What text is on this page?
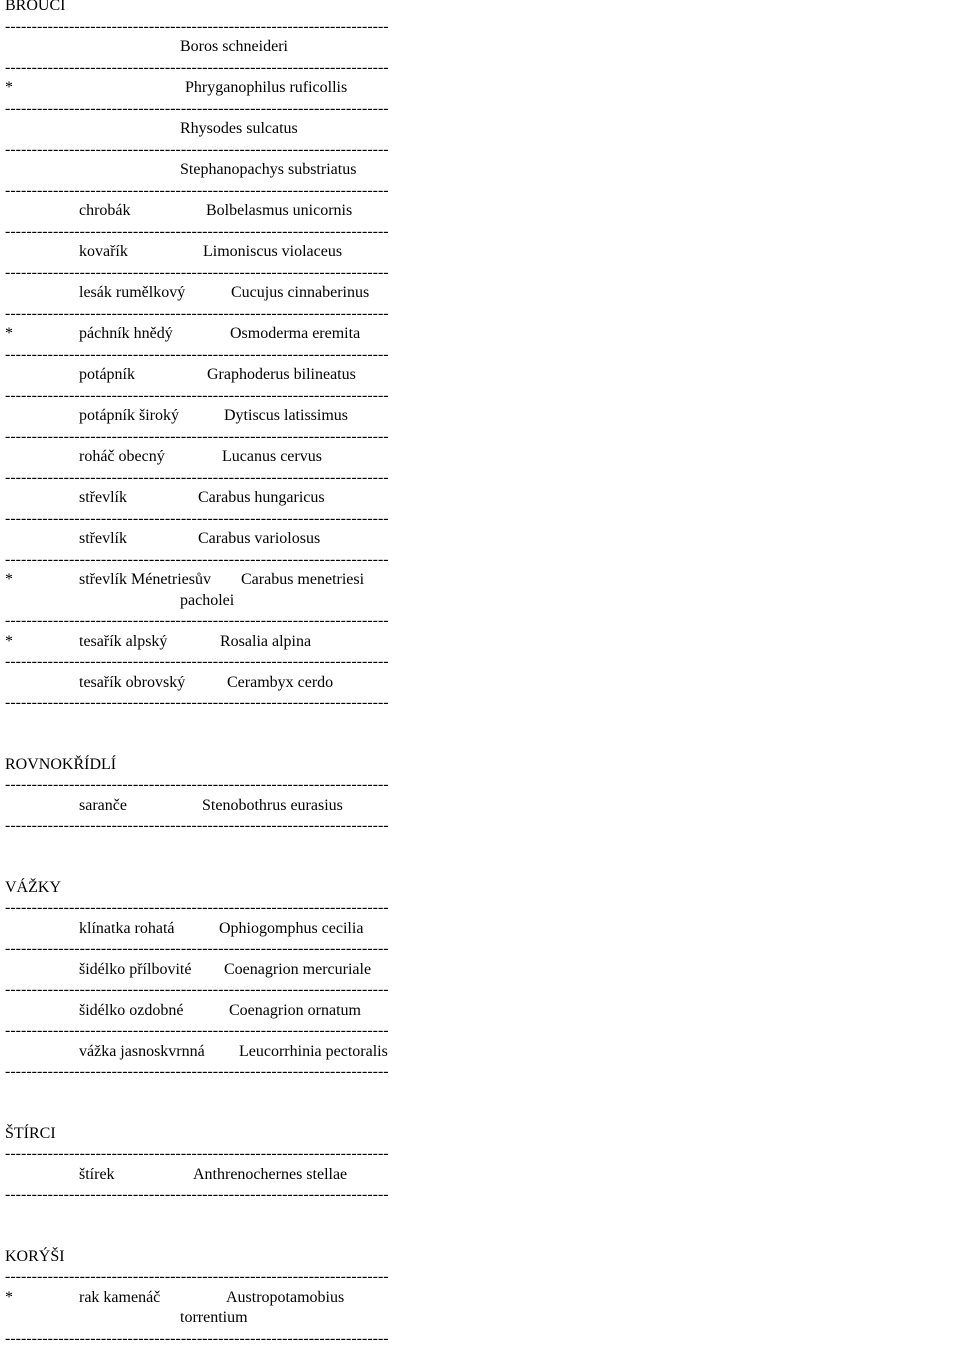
BROUCI
------------------------------------------------------------------------
Boros schneideri
------------------------------------------------------------------------
*	Phryganophilus ruficollis
------------------------------------------------------------------------
Rhysodes sulcatus
------------------------------------------------------------------------
Stephanopachys substriatus
------------------------------------------------------------------------
chrobák	Bolbelasmus unicornis
------------------------------------------------------------------------
kovařík	Limoniscus violaceus
------------------------------------------------------------------------
lesák rumělkový	Cucujus cinnaberinus
------------------------------------------------------------------------
*	páchník hnědý	Osmoderma eremita
------------------------------------------------------------------------
potápník	Graphoderus bilineatus
------------------------------------------------------------------------
potápník široký	Dytiscus latissimus
------------------------------------------------------------------------
roháč obecný	Lucanus cervus
------------------------------------------------------------------------
střevlík	Carabus hungaricus
------------------------------------------------------------------------
střevlík	Carabus variolosus
------------------------------------------------------------------------
*	střevlík Ménetriesův Carabus menetriesi
pacholei
------------------------------------------------------------------------
*	tesařík alpský	Rosalia alpina
------------------------------------------------------------------------
tesařík obrovský	Cerambyx cerdo
------------------------------------------------------------------------
ROVNOKŘÍDLÍ
------------------------------------------------------------------------
saranče	Stenobothrus eurasius
------------------------------------------------------------------------
VÁŽKY
------------------------------------------------------------------------
klínatka rohatá	Ophiogomphus cecilia
------------------------------------------------------------------------
šidélko přílbovité Coenagrion mercuriale
------------------------------------------------------------------------
šidélko ozdobné	Coenagrion ornatum
------------------------------------------------------------------------
vážka jasnoskvrnná Leucorrhinia pectoralis
------------------------------------------------------------------------
ŠTÍRCI
------------------------------------------------------------------------
štírek	Anthrenochernes stellae
------------------------------------------------------------------------
KORÝŠI
------------------------------------------------------------------------
*	rak kamenáč	Austropotamobius
torrentium
------------------------------------------------------------------------
